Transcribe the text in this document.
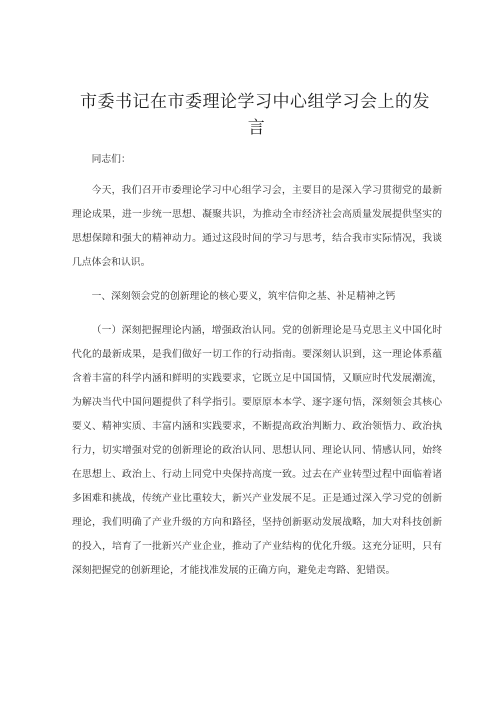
市委书记在市委理论学习中心组学习会上的发
言

同志们：

今天，我们召开市委理论学习中心组学习会，主要目的是深入学习贯彻党的最新理论成果，进一步统一思想、凝聚共识，为推动全市经济社会高质量发展提供坚实的思想保障和强大的精神动力。通过这段时间的学习与思考，结合我市实际情况，我谈几点体会和认识。

一、深刻领会党的创新理论的核心要义，筑牢信仰之基、补足精神之钙

（一）深刻把握理论内涵，增强政治认同。党的创新理论是马克思主义中国化时代化的最新成果，是我们做好一切工作的行动指南。要深刻认识到，这一理论体系蕴含着丰富的科学内涵和鲜明的实践要求，它既立足中国国情，又顺应时代发展潮流，为解决当代中国问题提供了科学指引。要原原本本学、逐字逐句悟，深刻领会其核心要义、精神实质、丰富内涵和实践要求，不断提高政治判断力、政治领悟力、政治执行力，切实增强对党的创新理论的政治认同、思想认同、理论认同、情感认同，始终在思想上、政治上、行动上同党中央保持高度一致。过去在产业转型过程中面临着诸多困难和挑战，传统产业比重较大，新兴产业发展不足。正是通过深入学习党的创新理论，我们明确了产业升级的方向和路径，坚持创新驱动发展战略，加大对科技创新的投入，培育了一批新兴产业企业，推动了产业结构的优化升级。这充分证明，只有深刻把握党的创新理论，才能找准发展的正确方向，避免走弯路、犯错误。
